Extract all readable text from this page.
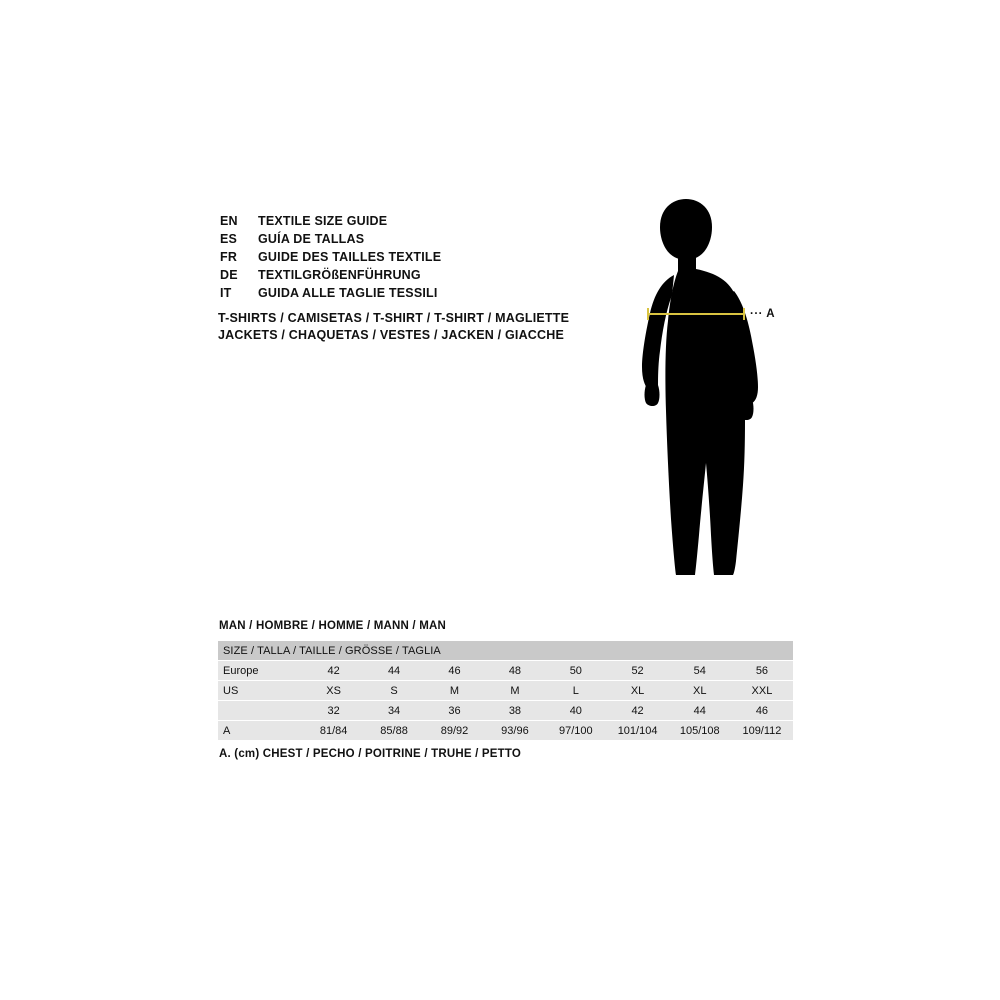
EN	TEXTILE SIZE GUIDE
ES	GUÍA DE TALLAS
FR	GUIDE DES TAILLES TEXTILE
DE	TEXTILGRÖßENFÜHRUNG
IT	GUIDA ALLE TAGLIE TESSILI
T-SHIRTS / CAMISETAS / T-SHIRT / T-SHIRT / MAGLIETTE
JACKETS / CHAQUETAS / VESTES / JACKEN / GIACCHE
··· A
MAN / HOMBRE / HOMME / MANN / MAN
SIZE / TALLA / TAILLE / GRÖSSE / TAGLIA								
Europe	42	44	46	48	50	52	54	56
US	XS	S	M	M	L	XL	XL	XXL
	32	34	36	38	40	42	44	46
A	81/84	85/88	89/92	93/96	97/100	101/104	105/108	109/112
A. (cm) CHEST / PECHO / POITRINE / TRUHE / PETTO
